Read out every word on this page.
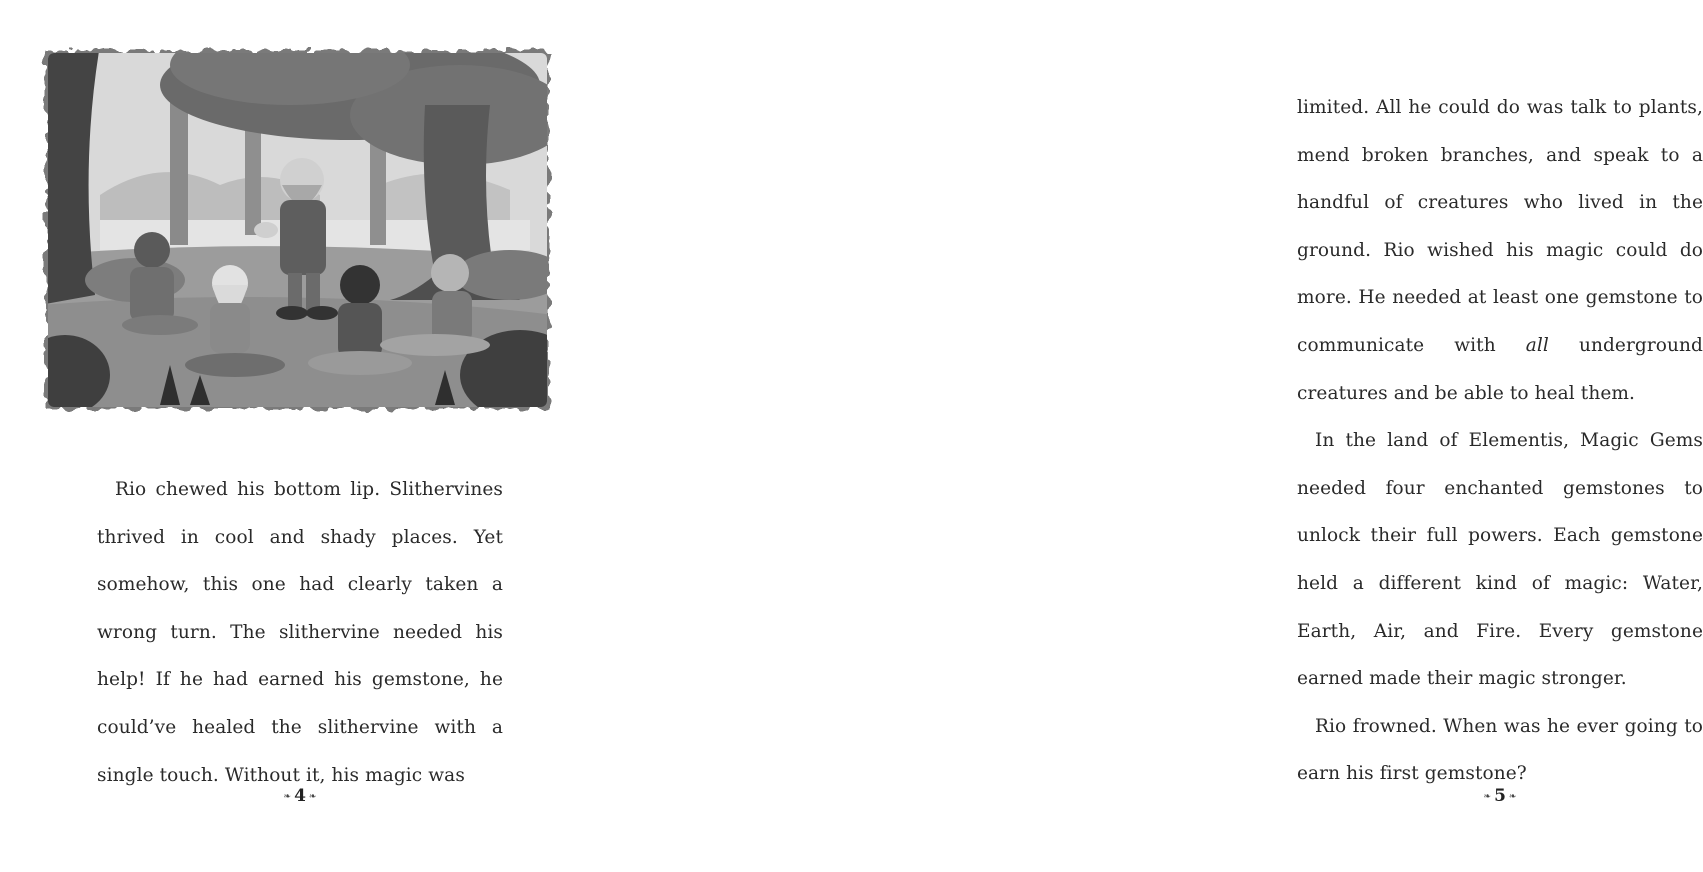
Rio chewed his bottom lip. Slithervines thrived in cool and shady places. Yet somehow, this one had clearly taken a wrong turn. The slithervine needed his help! If he had earned his gemstone, he could’ve healed the slithervine with a single touch. Without it, his magic was

❧ 4 ❧

limited. All he could do was talk to plants, mend broken branches, and speak to a handful of creatures who lived in the ground. Rio wished his magic could do more. He needed at least one gemstone to communicate with all underground creatures and be able to heal them.

In the land of Elementis, Magic Gems needed four enchanted gemstones to unlock their full powers. Each gemstone held a different kind of magic: Water, Earth, Air, and Fire. Every gemstone earned made their magic stronger.

Rio frowned. When was he ever going to earn his first gemstone?

❧ 5 ❧
